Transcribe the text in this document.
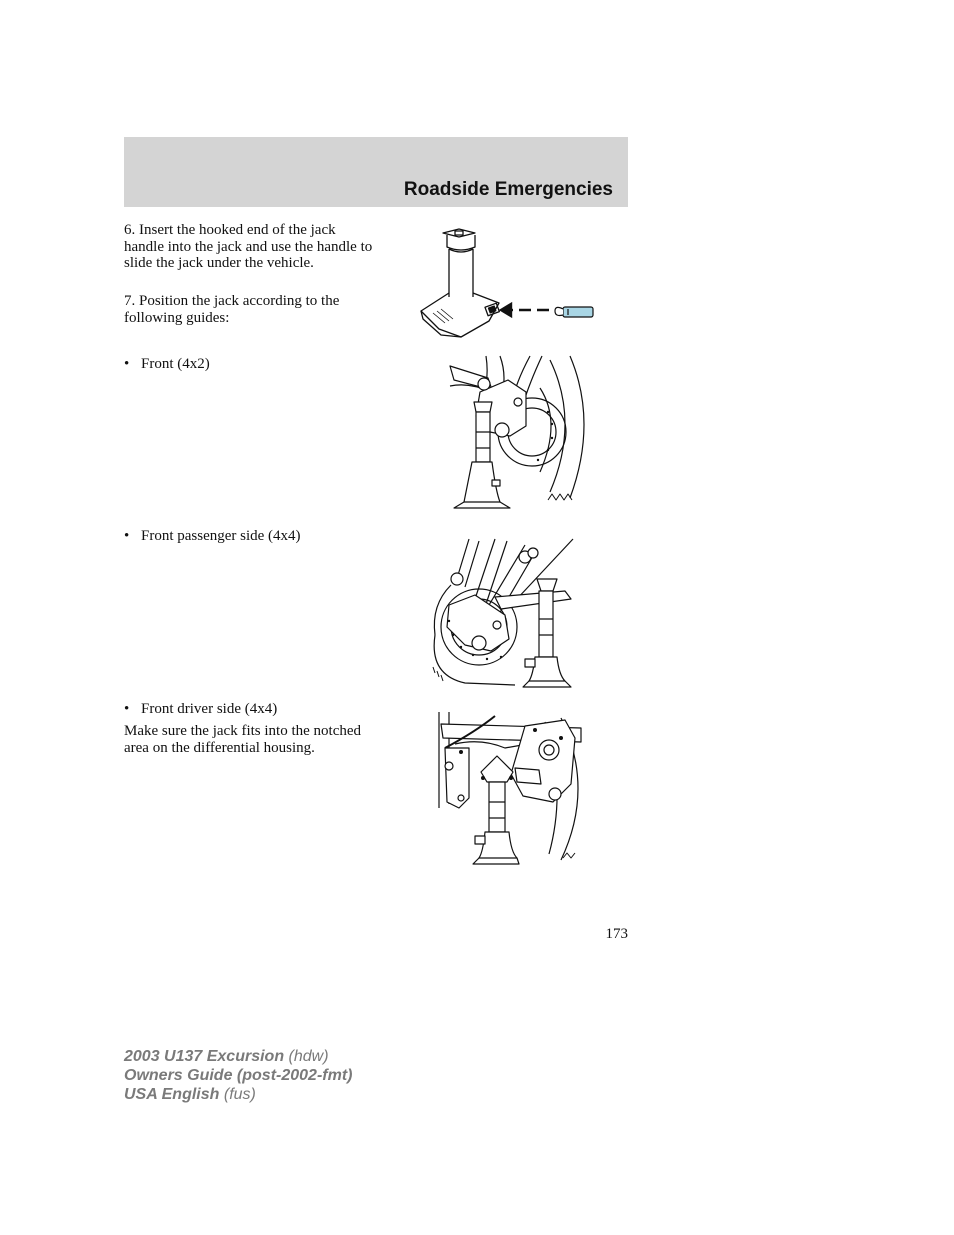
Roadside Emergencies
6. Insert the hooked end of the jack handle into the jack and use the handle to slide the jack under the vehicle.
7. Position the jack according to the following guides:
• Front (4x2)
• Front passenger side (4x4)
• Front driver side (4x4)
Make sure the jack fits into the notched area on the differential housing.
173
2003 U137 Excursion (hdw)
Owners Guide (post-2002-fmt)
USA English (fus)
